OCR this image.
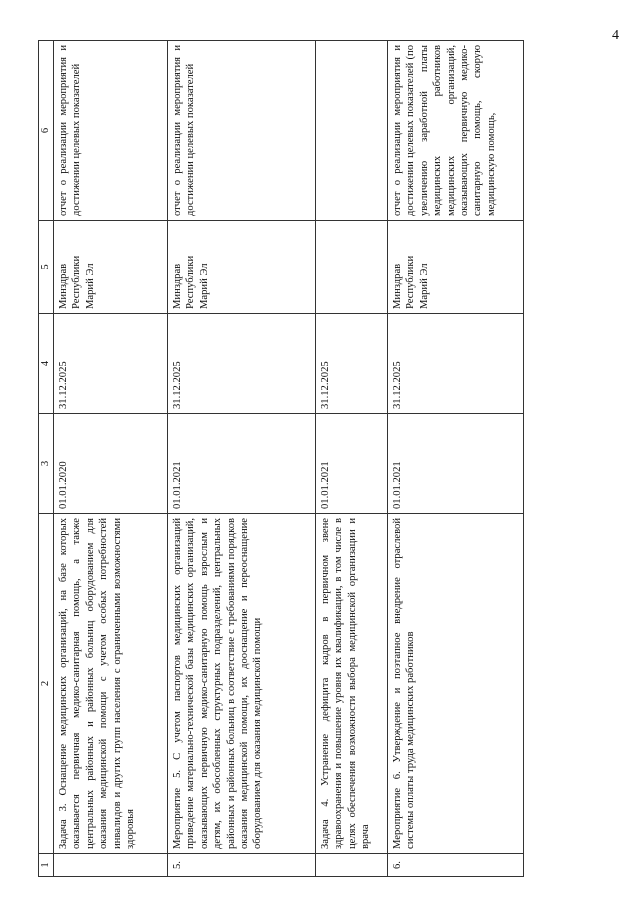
4
1	2	3	4	5	6
	Задача 3. Оснащение медицинских организаций, на базе которых оказывается первичная медико-санитарная помощь, а также центральных районных и районных больниц оборудованием для оказания медицинской помощи с учетом особых потребностей инвалидов и других групп населения с ограниченными возможностями здоровья	01.01.2020	31.12.2025	Минздрав Республики Марий Эл	отчет о реализации мероприятия и достижении целевых показателей
5.	Мероприятие 5. С учетом паспортов медицинских организаций приведение материально-технической базы медицинских организаций, оказывающих первичную медико-санитарную помощь взрослым и детям, их обособленных структурных подразделений, центральных районных и районных больниц в соответствие с требованиями порядков оказания медицинской помощи, их дооснащение и переоснащение оборудованием для оказания медицинской помощи	01.01.2021	31.12.2025	Минздрав Республики Марий Эл	отчет о реализации мероприятия и достижении целевых показателей
	Задача 4. Устранение дефицита кадров в первичном звене здравоохранения и повышение уровня их квалификации, в том числе в целях обеспечения возможности выбора медицинской организации и врача	01.01.2021	31.12.2025		
6.	Мероприятие 6. Утверждение и поэтапное внедрение отраслевой системы оплаты труда медицинских работников	01.01.2021	31.12.2025	Минздрав Республики Марий Эл	отчет о реализации мероприятия и достижении целевых показателей (по увеличению заработной платы медицинских работников медицинских организаций, оказывающих первичную медико-санитарную помощь, скорую медицинскую помощь,
